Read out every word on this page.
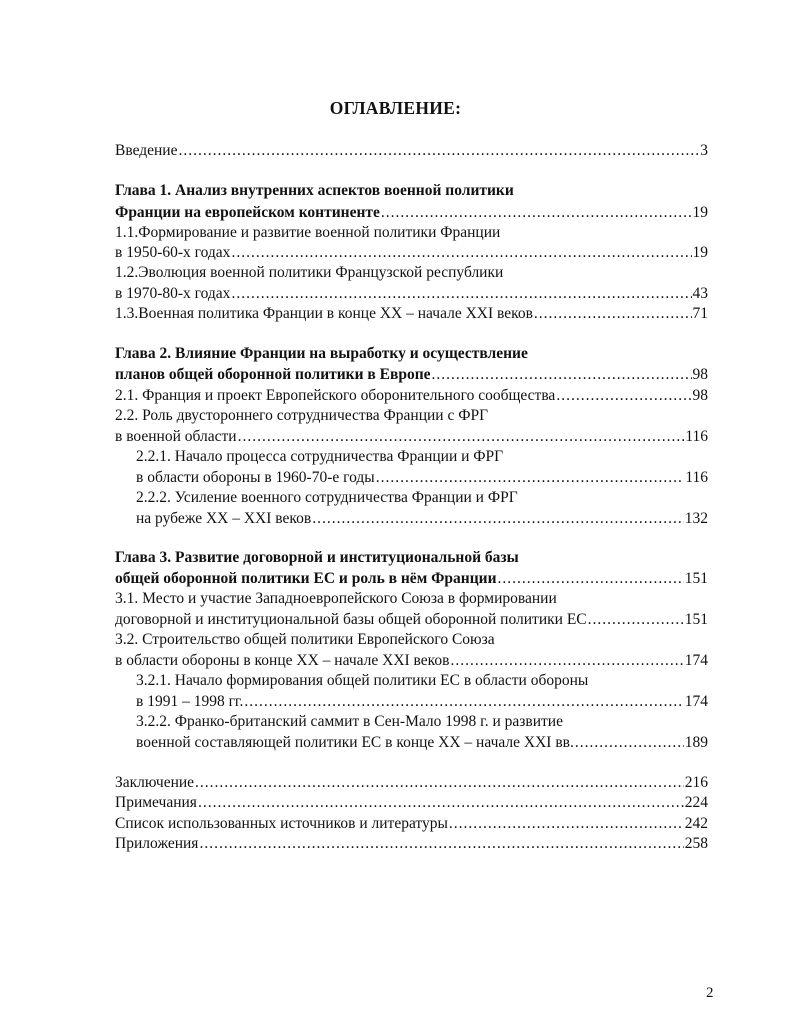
ОГЛАВЛЕНИЕ:
Введение .....	3
Глава 1. Анализ внутренних аспектов военной политики
Франции на европейском континенте .....	19
1.1.Формирование и развитие военной политики Франции
в 1950-60-х годах .....	19
1.2.Эволюция военной политики Французской республики
в 1970-80-х годах .....	43
1.3.Военная политика Франции в конце XX – начале XXI веков .....	71
Глава 2. Влияние Франции на выработку и осуществление
планов общей оборонной политики в Европе .....	98
2.1. Франция и проект Европейского оборонительного сообщества .....	98
2.2. Роль двустороннего сотрудничества Франции с ФРГ
в военной области .....	116
2.2.1. Начало процесса сотрудничества Франции и ФРГ
в области обороны в 1960-70-е годы .....	116
2.2.2. Усиление военного сотрудничества Франции и ФРГ
на рубеже XX – XXI веков .....	132
Глава 3. Развитие договорной и институциональной базы
общей оборонной политики ЕС и роль в нём Франции .....	151
3.1. Место и участие Западноевропейского Союза в формировании
договорной и институциональной базы общей оборонной политики ЕС .....	151
3.2. Строительство общей политики Европейского Союза
в области обороны в конце XX – начале XXI веков .....	174
3.2.1. Начало формирования общей политики ЕС в области обороны
в 1991 – 1998 гг. .....	174
3.2.2. Франко-британский саммит в Сен-Мало 1998 г. и развитие
военной составляющей политики ЕС в конце XX – начале XXI вв. .....	189
Заключение .....	216
Примечания .....	224
Список использованных источников и литературы .....	242
Приложения .....	258
2
